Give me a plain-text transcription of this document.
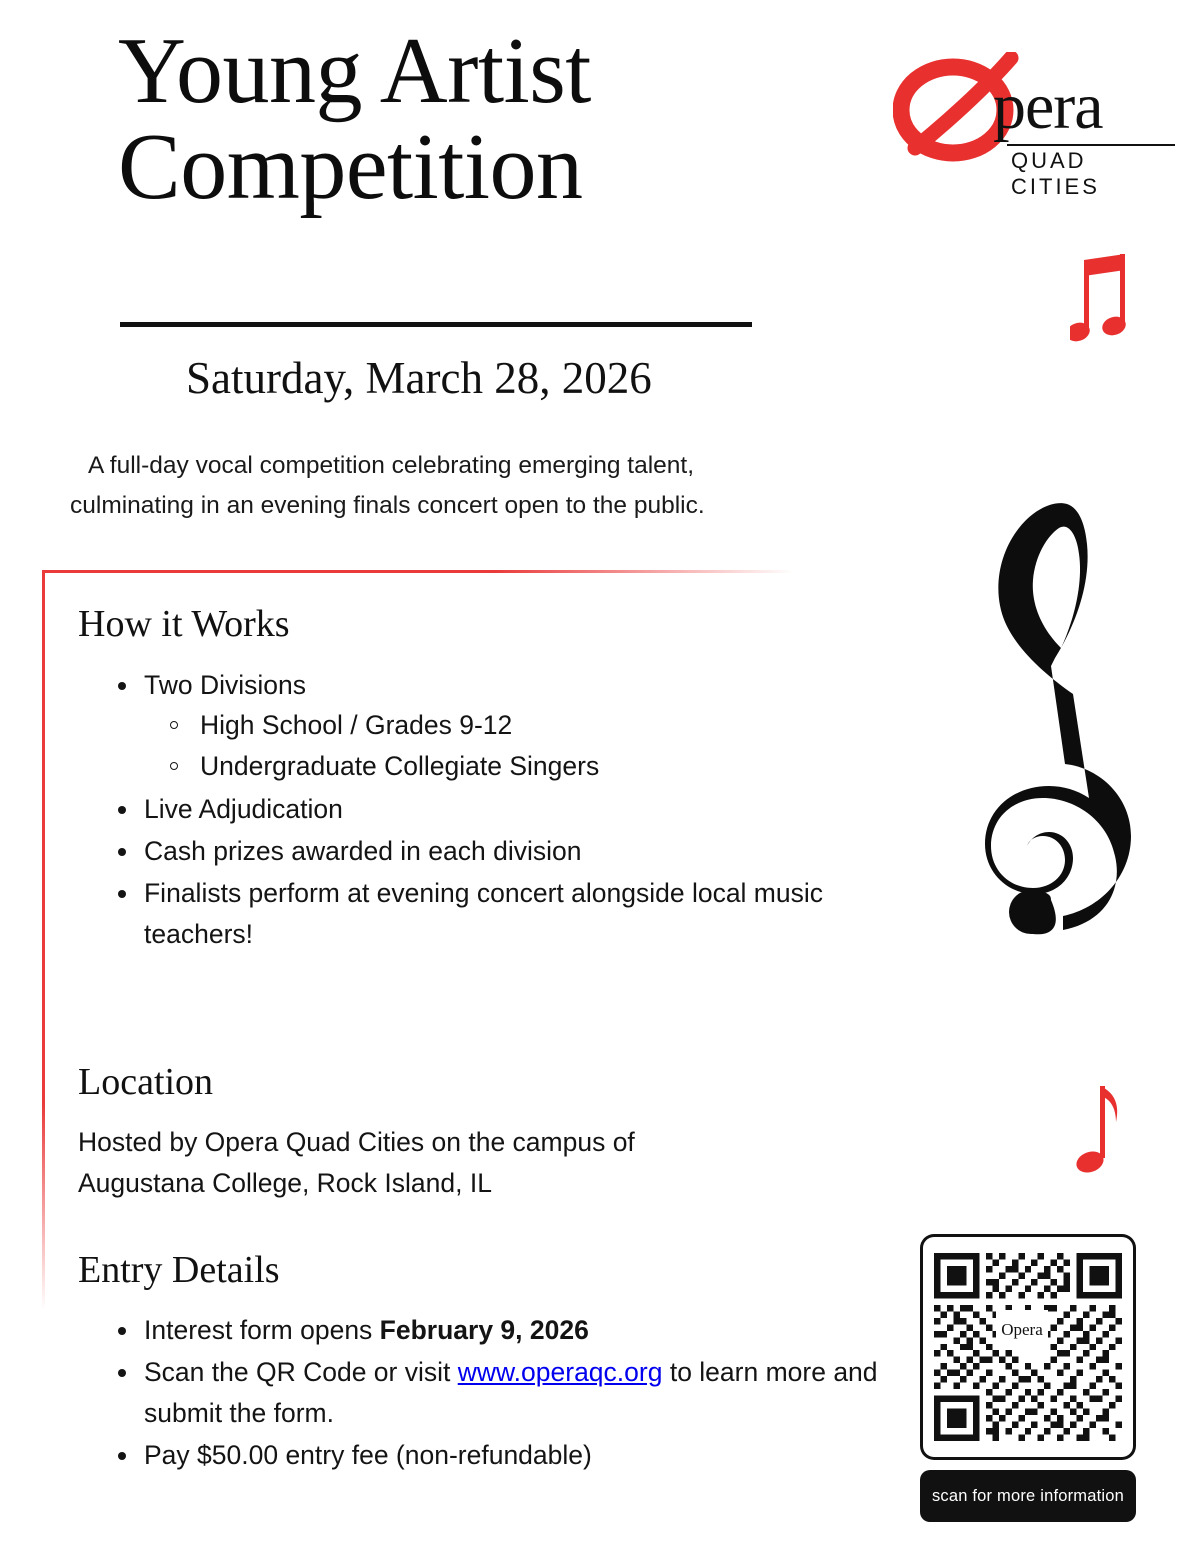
Young Artist
Competition
Saturday, March 28, 2026
A full-day vocal competition celebrating emerging talent,
culminating in an evening finals concert open to the public.
How it Works
Two Divisions
High School / Grades 9-12
Undergraduate Collegiate Singers
Live Adjudication
Cash prizes awarded in each division
Finalists perform at evening concert alongside local music teachers!
Location
Hosted by Opera Quad Cities on the campus of
Augustana College, Rock Island, IL
Entry Details
Interest form opens February 9, 2026
Scan the QR Code or visit www.operaqc.org to learn more and submit the form.
Pay $50.00 entry fee (non-refundable)
pera
QUAD CITIES
Opera
scan for more information
